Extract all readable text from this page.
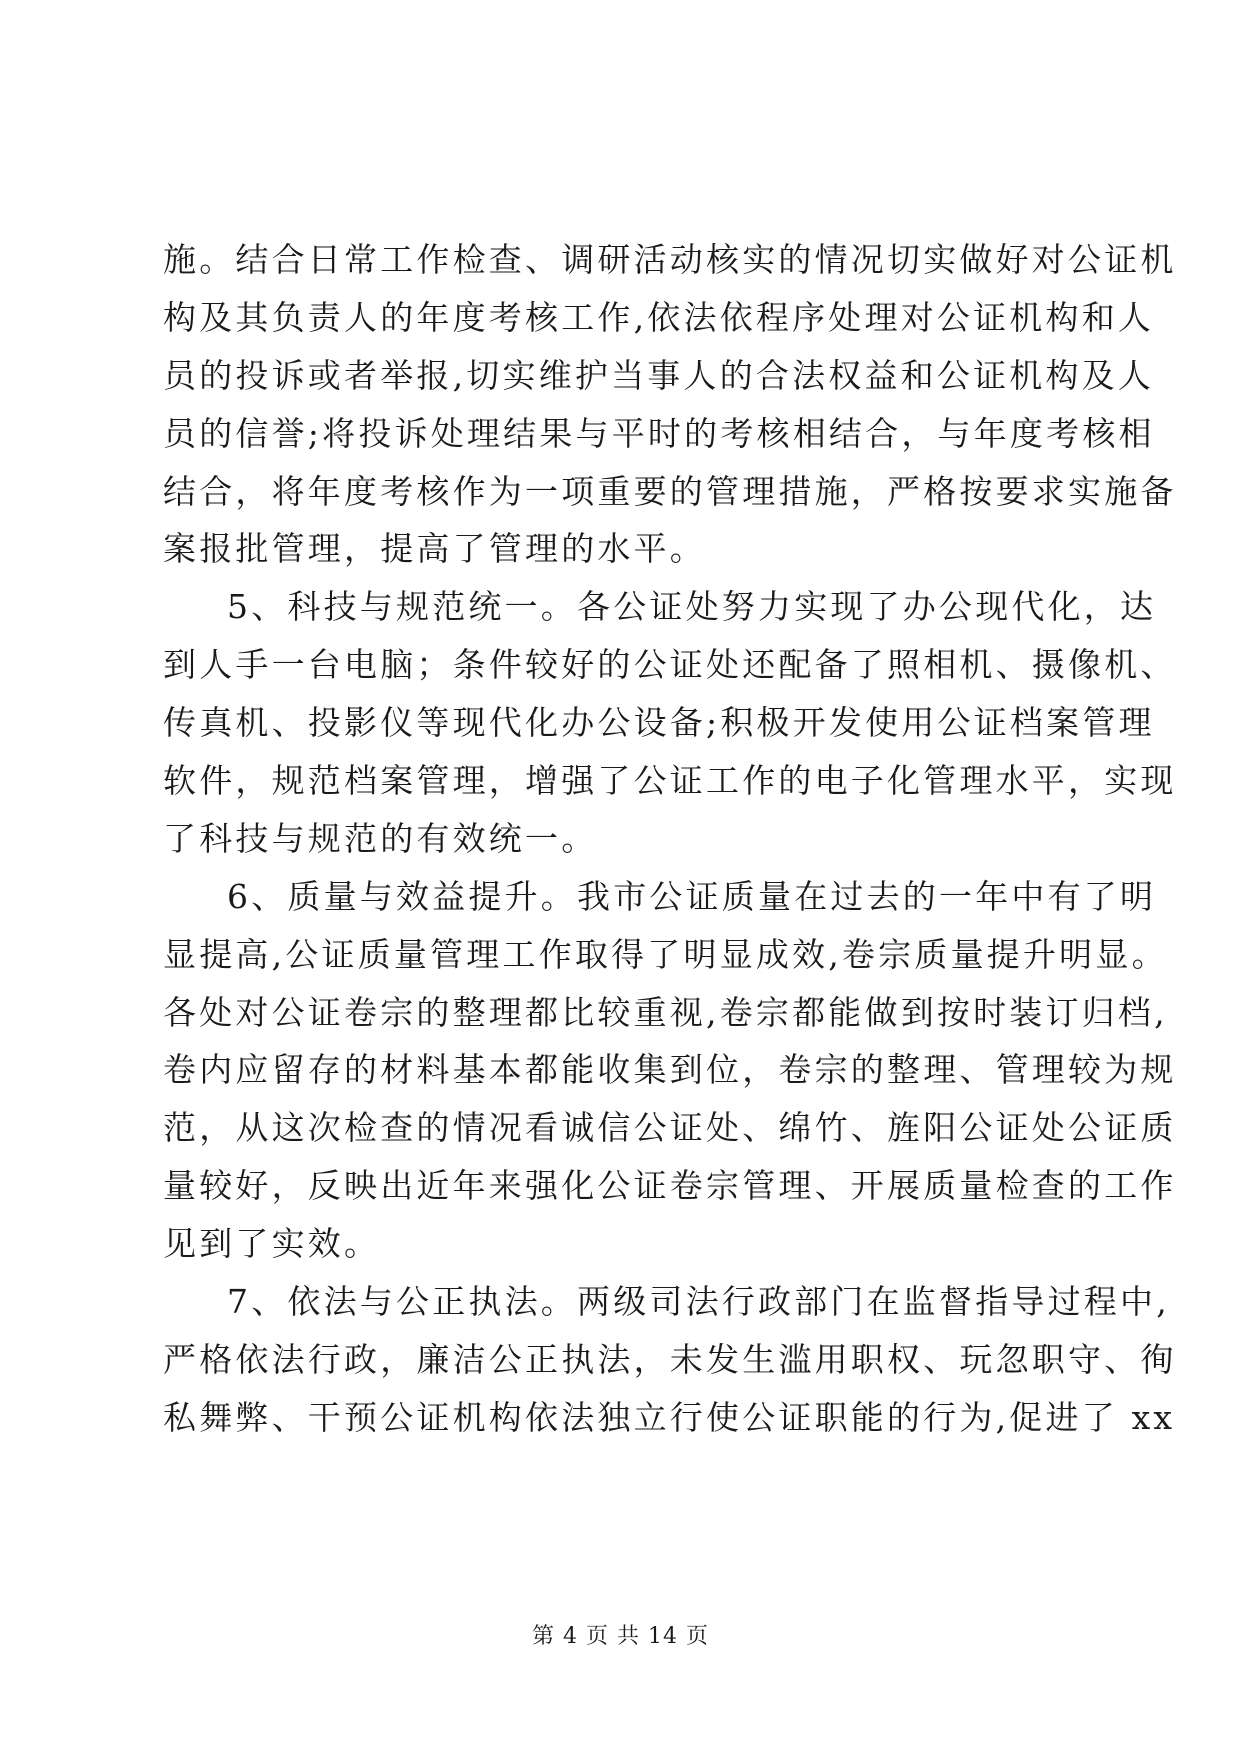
施。结合日常工作检查、调研活动核实的情况切实做好对公证机
构及其负责人的年度考核工作,依法依程序处理对公证机构和人
员的投诉或者举报,切实维护当事人的合法权益和公证机构及人
员的信誉;将投诉处理结果与平时的考核相结合，与年度考核相
结合，将年度考核作为一项重要的管理措施，严格按要求实施备
案报批管理，提高了管理的水平。
5、科技与规范统一。各公证处努力实现了办公现代化，达
到人手一台电脑；条件较好的公证处还配备了照相机、摄像机、
传真机、投影仪等现代化办公设备;积极开发使用公证档案管理
软件，规范档案管理，增强了公证工作的电子化管理水平，实现
了科技与规范的有效统一。
6、质量与效益提升。我市公证质量在过去的一年中有了明
显提高,公证质量管理工作取得了明显成效,卷宗质量提升明显。
各处对公证卷宗的整理都比较重视,卷宗都能做到按时装订归档,
卷内应留存的材料基本都能收集到位，卷宗的整理、管理较为规
范，从这次检查的情况看诚信公证处、绵竹、旌阳公证处公证质
量较好，反映出近年来强化公证卷宗管理、开展质量检查的工作
见到了实效。
7、依法与公正执法。两级司法行政部门在监督指导过程中,
严格依法行政，廉洁公正执法，未发生滥用职权、玩忽职守、徇
私舞弊、干预公证机构依法独立行使公证职能的行为,促进了 xx
第 4 页 共 14 页
